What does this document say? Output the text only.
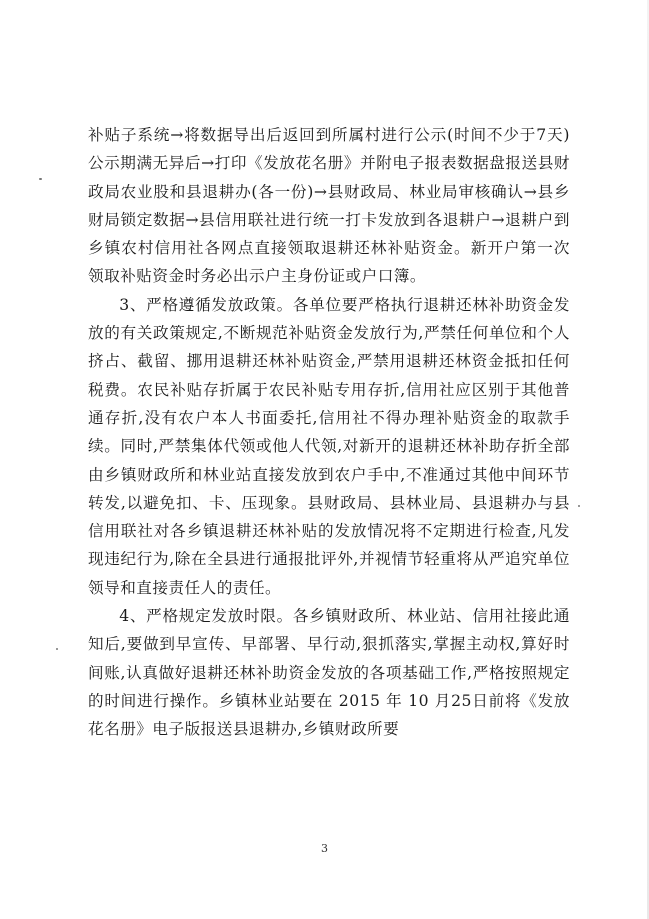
补贴子系统→将数据导出后返回到所属村进行公示(时间不少于7天)公示期满无异后→打印《发放花名册》并附电子报表数据盘报送县财政局农业股和县退耕办(各一份)→县财政局、林业局审核确认→县乡财局锁定数据→县信用联社进行统一打卡发放到各退耕户→退耕户到乡镇农村信用社各网点直接领取退耕还林补贴资金。新开户第一次领取补贴资金时务必出示户主身份证或户口簿。

3、严格遵循发放政策。各单位要严格执行退耕还林补助资金发放的有关政策规定,不断规范补贴资金发放行为,严禁任何单位和个人挤占、截留、挪用退耕还林补贴资金,严禁用退耕还林资金抵扣任何税费。农民补贴存折属于农民补贴专用存折,信用社应区别于其他普通存折,没有农户本人书面委托,信用社不得办理补贴资金的取款手续。同时,严禁集体代领或他人代领,对新开的退耕还林补助存折全部由乡镇财政所和林业站直接发放到农户手中,不准通过其他中间环节转发,以避免扣、卡、压现象。县财政局、县林业局、县退耕办与县信用联社对各乡镇退耕还林补贴的发放情况将不定期进行检查,凡发现违纪行为,除在全县进行通报批评外,并视情节轻重将从严追究单位领导和直接责任人的责任。

4、严格规定发放时限。各乡镇财政所、林业站、信用社接此通知后,要做到早宣传、早部署、早行动,狠抓落实,掌握主动权,算好时间账,认真做好退耕还林补助资金发放的各项基础工作,严格按照规定的时间进行操作。乡镇林业站要在 2015 年 10 月25日前将《发放花名册》电子版报送县退耕办,乡镇财政所要

3
